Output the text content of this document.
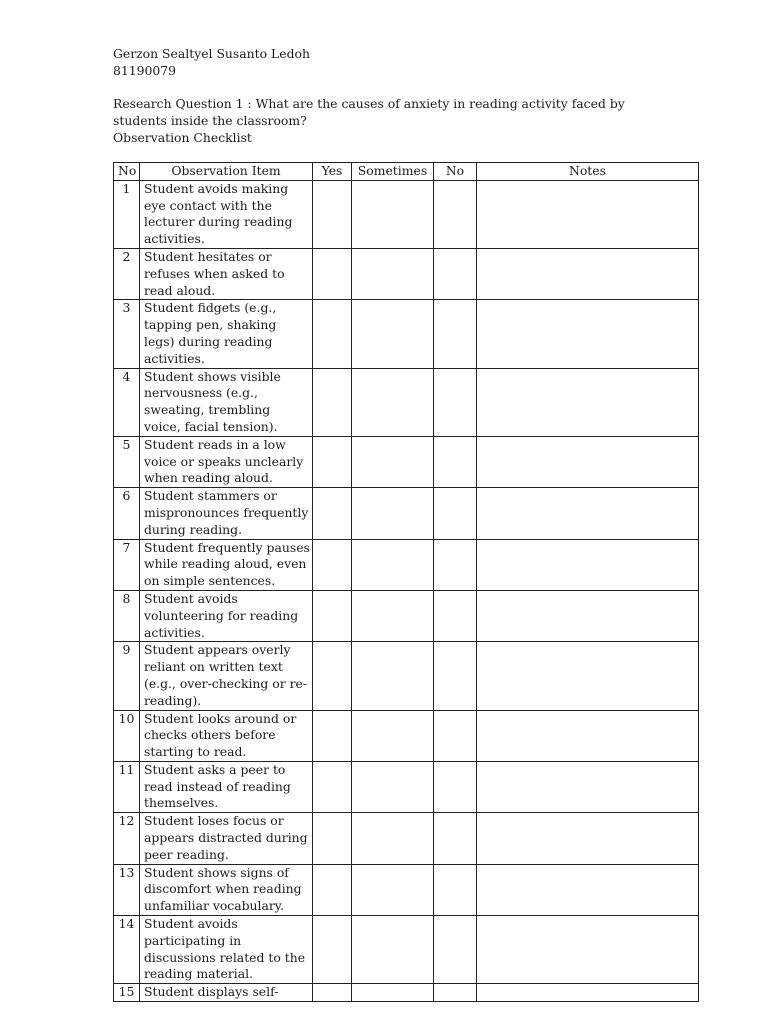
Gerzon Sealtyel Susanto Ledoh
81190079
Research Question 1 : What are the causes of anxiety in reading activity faced by students inside the classroom?
Observation Checklist
No	Observation Item	Yes	Sometimes	No	Notes
1	Student avoids making eye contact with the lecturer during reading activities.				
2	Student hesitates or refuses when asked to read aloud.				
3	Student fidgets (e.g., tapping pen, shaking legs) during reading activities.				
4	Student shows visible nervousness (e.g., sweating, trembling voice, facial tension).				
5	Student reads in a low voice or speaks unclearly when reading aloud.				
6	Student stammers or mispronounces frequently during reading.				
7	Student frequently pauses while reading aloud, even on simple sentences.				
8	Student avoids volunteering for reading activities.				
9	Student appears overly reliant on written text (e.g., over-checking or re-reading).				
10	Student looks around or checks others before starting to read.				
11	Student asks a peer to read instead of reading themselves.				
12	Student loses focus or appears distracted during peer reading.				
13	Student shows signs of discomfort when reading unfamiliar vocabulary.				
14	Student avoids participating in discussions related to the reading material.				
15	Student displays self-				
